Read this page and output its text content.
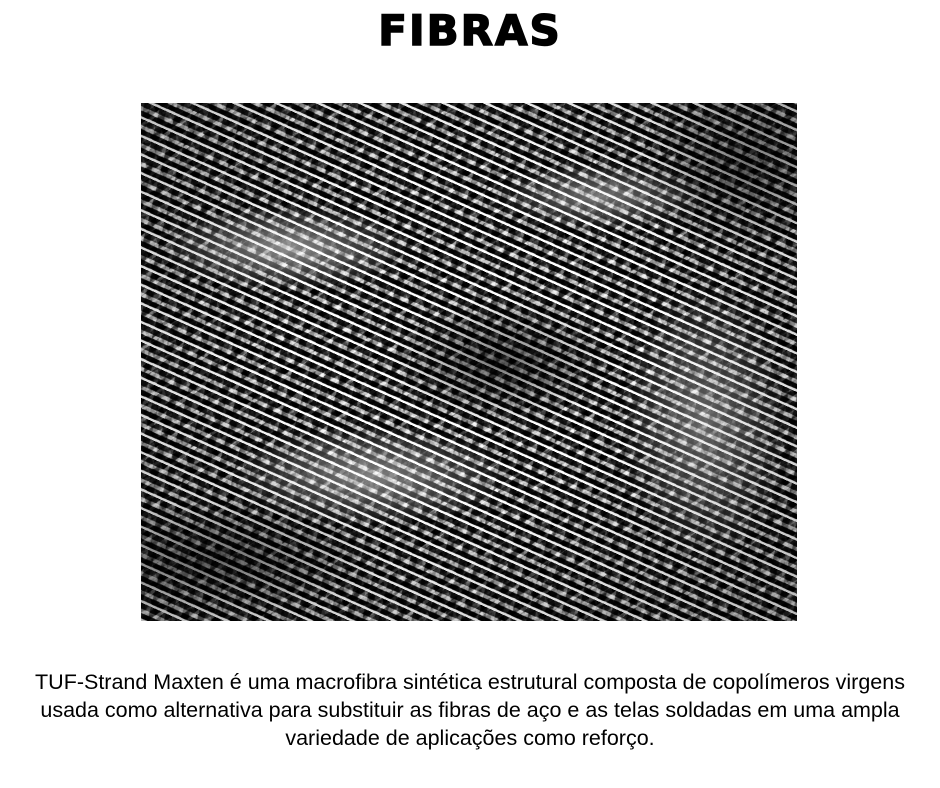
FIBRAS
TUF-Strand Maxten é uma macrofibra sintética estrutural composta de copolímeros virgens usada como alternativa para substituir as fibras de aço e as telas soldadas em uma ampla variedade de aplicações como reforço.
